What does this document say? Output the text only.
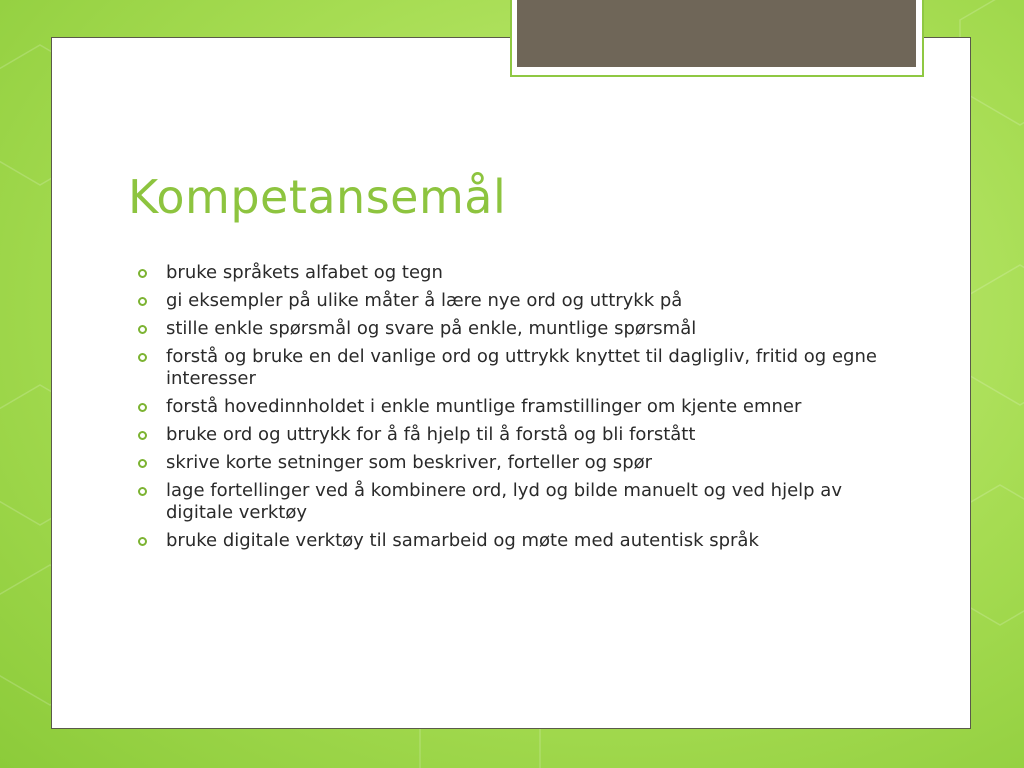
Kompetansemål
bruke språkets alfabet og tegn
gi eksempler på ulike måter å lære nye ord og uttrykk på
stille enkle spørsmål og svare på enkle, muntlige spørsmål
forstå og bruke en del vanlige ord og uttrykk knyttet til dagligliv, fritid og egne interesser
forstå hovedinnholdet i enkle muntlige framstillinger om kjente emner
bruke ord og uttrykk for å få hjelp til å forstå og bli forstått
skrive korte setninger som beskriver, forteller og spør
lage fortellinger ved å kombinere ord, lyd og bilde manuelt og ved hjelp av digitale verktøy
bruke digitale verktøy til samarbeid og møte med autentisk språk
